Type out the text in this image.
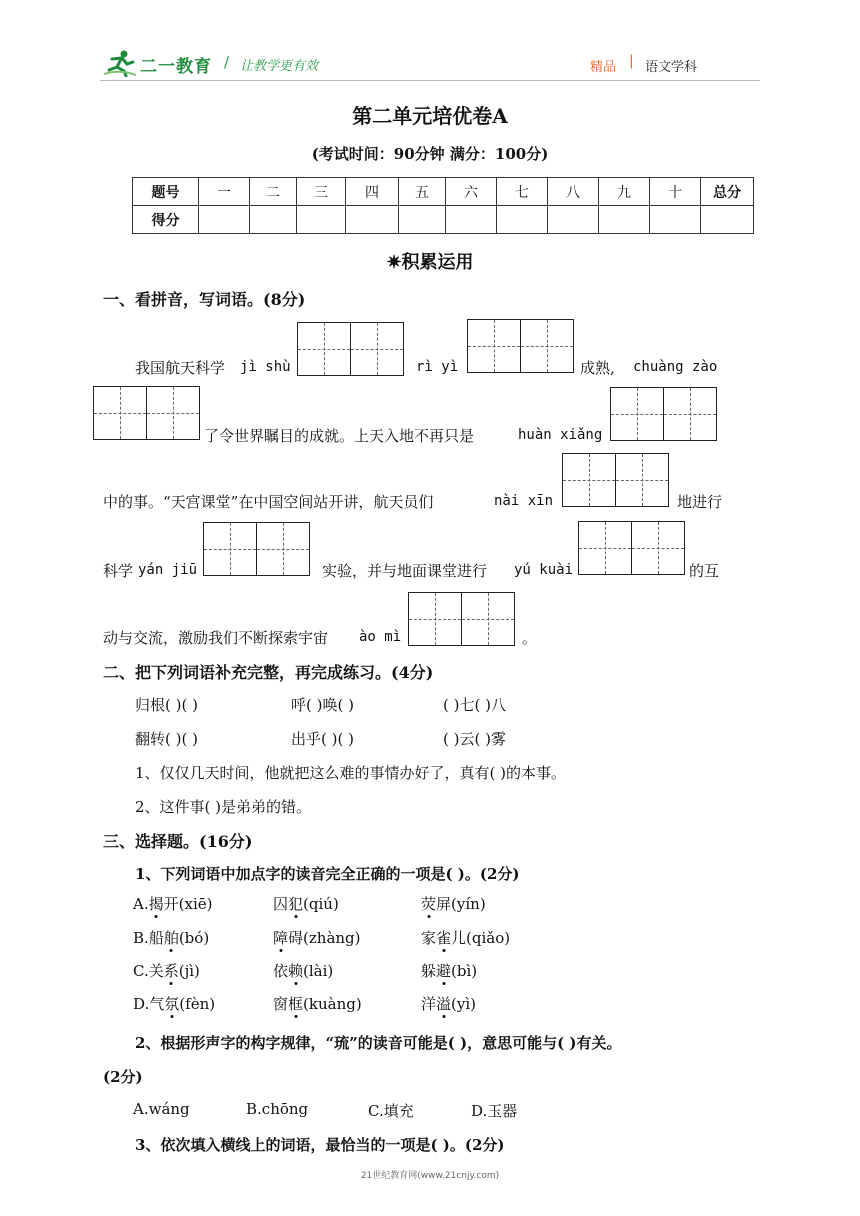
二一教育 / 让教学更有效	精品 | 语文学科
第二单元培优卷A
(考试时间：90分钟 满分：100分)
题号	一	二	三	四	五	六	七	八	九	十	总分
得分											
✷积累运用
一、看拼音，写词语。(8分)
我国航天科学 jì shù	rì yì	成熟, chuàng zào
了令世界瞩目的成就。上天入地不再只是	huàn xiǎng
中的事。“天宫课堂”在中国空间站开讲，航天员们	nài xīn	地进行
科学 yán jiū	实验，并与地面课堂进行 yú kuài	的互
动与交流，激励我们不断探索宇宙 ào mì	。
二、把下列词语补充完整，再完成练习。(4分)
归根( )( )	呼( )唤( )	( )七( )八
翻转( )( )	出乎( )( )	( )云( )雾
1、仅仅几天时间，他就把这么难的事情办好了，真有( )的本事。
2、这件事( )是弟弟的错。
三、选择题。(16分)
1、下列词语中加点字的读音完全正确的一项是( )。(2分)
A.揭开(xiē)	囚犯(qiú)	荧屏(yín)
B.船舶(bó)	障碍(zhàng)	家雀儿(qiǎo)
C.关系(jì)	依赖(lài)	躲避(bì)
D.气氛(fèn)	窗框(kuàng)	洋溢(yì)
2、根据形声字的构字规律，“琉”的读音可能是( )，意思可能与( )有关。
(2分)
A.wáng	B.chōng	C.填充	D.玉器
3、依次填入横线上的词语，最恰当的一项是( )。(2分)
21世纪教育网(www.21cnjy.com)
